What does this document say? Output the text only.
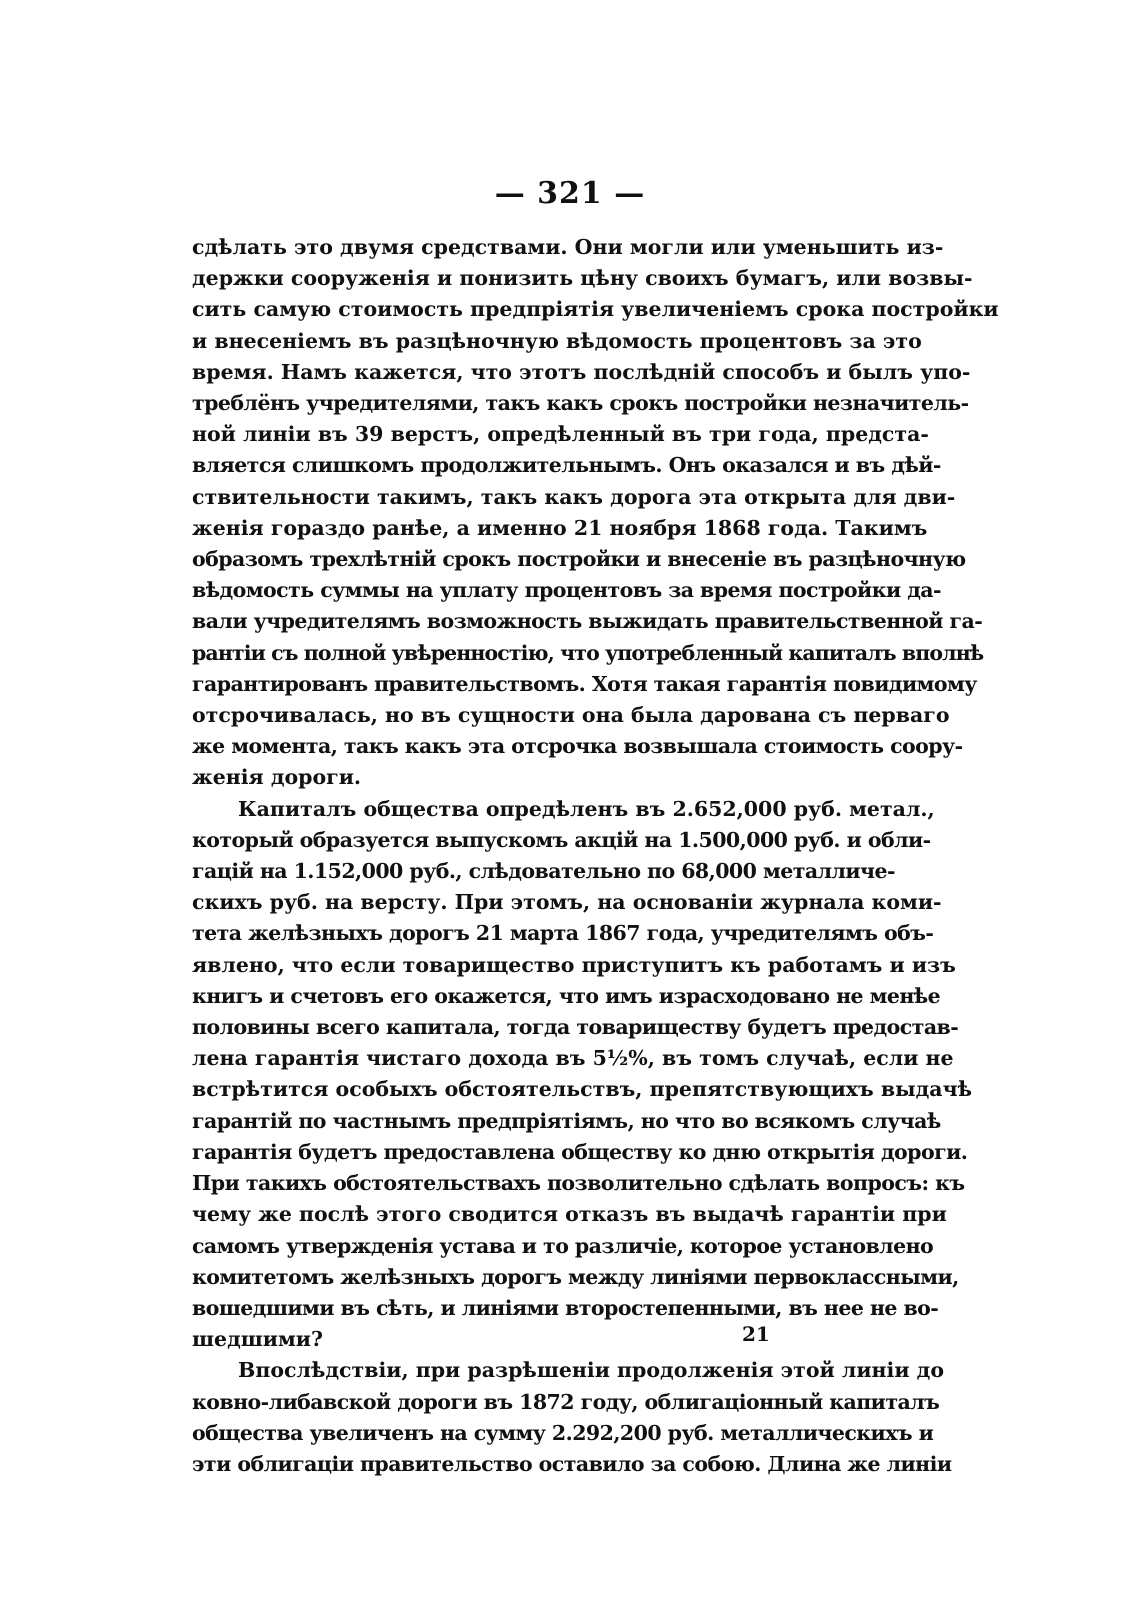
— 321 —
сдѣлать это двумя средствами. Они могли или уменьшить из-
держки сооруженія и понизить цѣну своихъ бумагъ, или возвы-
сить самую стоимость предпріятія увеличеніемъ срока постройки
и внесеніемъ въ разцѣночную вѣдомость процентовъ за это
время. Намъ кажется, что этотъ послѣдній способъ и былъ упо-
треблёнъ учредителями, такъ какъ срокъ постройки незначитель-
ной линіи въ 39 верстъ, опредѣленный въ три года, предста-
вляется слишкомъ продолжительнымъ. Онъ оказался и въ дѣй-
ствительности такимъ, такъ какъ дорога эта открыта для дви-
женія гораздо ранѣе, а именно 21 ноября 1868 года. Такимъ
образомъ трехлѣтній срокъ постройки и внесеніе въ разцѣночную
вѣдомость суммы на уплату процентовъ за время постройки да-
вали учредителямъ возможность выжидать правительственной га-
рантіи съ полной увѣренностію, что употребленный капиталъ вполнѣ
гарантированъ правительствомъ. Хотя такая гарантія повидимому
отсрочивалась, но въ сущности она была дарована съ перваго
же момента, такъ какъ эта отсрочка возвышала стоимость соору-
женія дороги.
Капиталъ общества опредѣленъ въ 2.652,000 руб. метал.,
который образуется выпускомъ акцій на 1.500,000 руб. и обли-
гацій на 1.152,000 руб., слѣдовательно по 68,000 металличе-
скихъ руб. на версту. При этомъ, на основаніи журнала коми-
тета желѣзныхъ дорогъ 21 марта 1867 года, учредителямъ объ-
явлено, что если товарищество приступитъ къ работамъ и изъ
книгъ и счетовъ его окажется, что имъ израсходовано не менѣе
половины всего капитала, тогда товариществу будетъ предостав-
лена гарантія чистаго дохода въ 5¹⁄₂%, въ томъ случаѣ, если не
встрѣтится особыхъ обстоятельствъ, препятствующихъ выдачѣ
гарантій по частнымъ предпріятіямъ, но что во всякомъ случаѣ
гарантія будетъ предоставлена обществу ко дню открытія дороги.
При такихъ обстоятельствахъ позволительно сдѣлать вопросъ: къ
чему же послѣ этого сводится отказъ въ выдачѣ гарантіи при
самомъ утвержденія устава и то различіе, которое установлено
комитетомъ желѣзныхъ дорогъ между линіями первоклассными,
вошедшими въ сѣть, и линіями второстепенными, въ нее не во-
шедшими?
Впослѣдствіи, при разрѣшеніи продолженія этой линіи до
ковно-либавской дороги въ 1872 году, облигаціонный капиталъ
общества увеличенъ на сумму 2.292,200 руб. металлическихъ и
эти облигаціи правительство оставило за собою. Длина же линіи
21
